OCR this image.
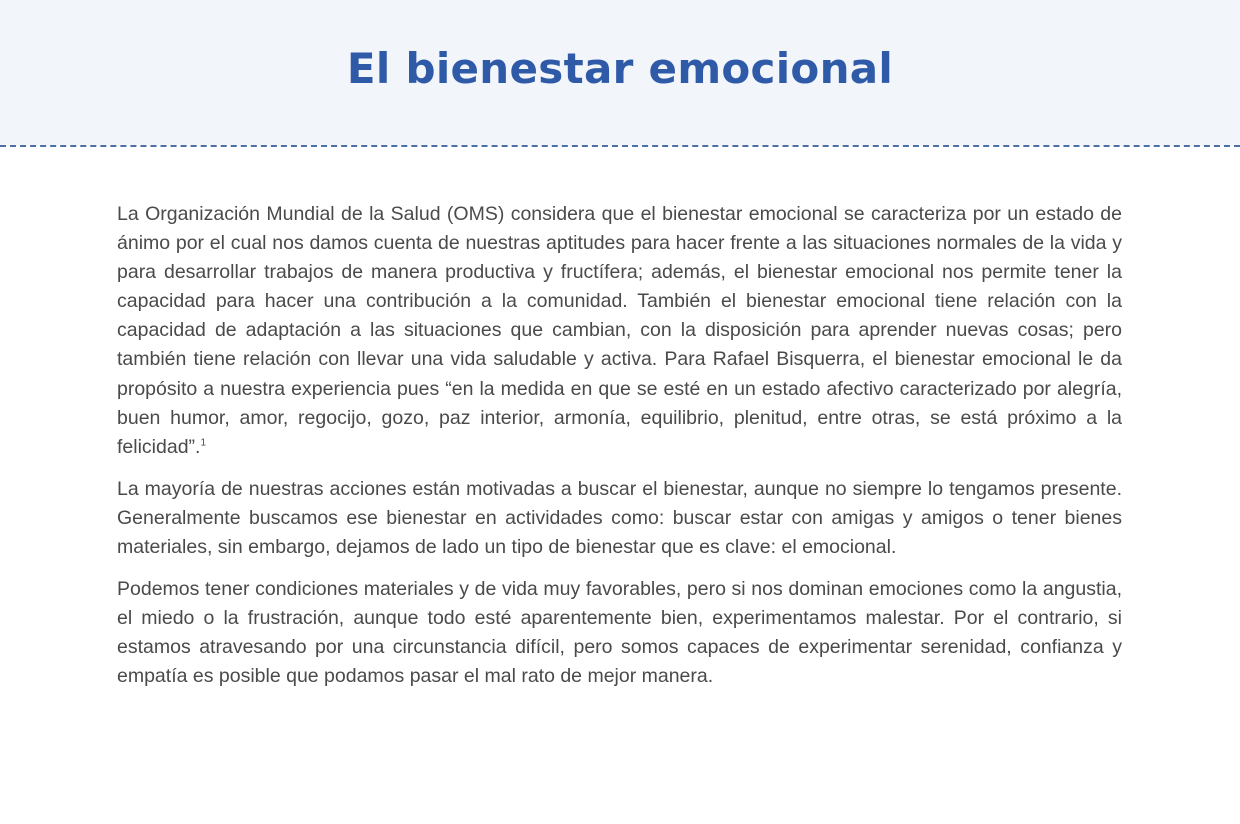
El bienestar emocional

La Organización Mundial de la Salud (OMS) considera que el bienestar emocional se caracteriza por un estado de ánimo por el cual nos damos cuenta de nuestras aptitudes para hacer frente a las situaciones normales de la vida y para desarrollar trabajos de manera productiva y fructífera; además, el bienestar emocional nos permite tener la capacidad para hacer una contribución a la comunidad. También el bienestar emocional tiene relación con la capacidad de adaptación a las situaciones que cambian, con la disposición para aprender nuevas cosas; pero también tiene relación con llevar una vida saludable y activa. Para Rafael Bisquerra, el bienestar emocional le da propósito a nuestra experiencia pues “en la medida en que se esté en un estado afectivo caracterizado por alegría, buen humor, amor, regocijo, gozo, paz interior, armonía, equilibrio, plenitud, entre otras, se está próximo a la felicidad”.$^1$

La mayoría de nuestras acciones están motivadas a buscar el bienestar, aunque no siempre lo tengamos presente. Generalmente buscamos ese bienestar en actividades como: buscar estar con amigas y amigos o tener bienes materiales, sin embargo, dejamos de lado un tipo de bienestar que es clave: el emocional.

Podemos tener condiciones materiales y de vida muy favorables, pero si nos dominan emociones como la angustia, el miedo o la frustración, aunque todo esté aparentemente bien, experimentamos malestar. Por el contrario, si estamos atravesando por una circunstancia difícil, pero somos capaces de experimentar serenidad, confianza y empatía es posible que podamos pasar el mal rato de mejor manera.
